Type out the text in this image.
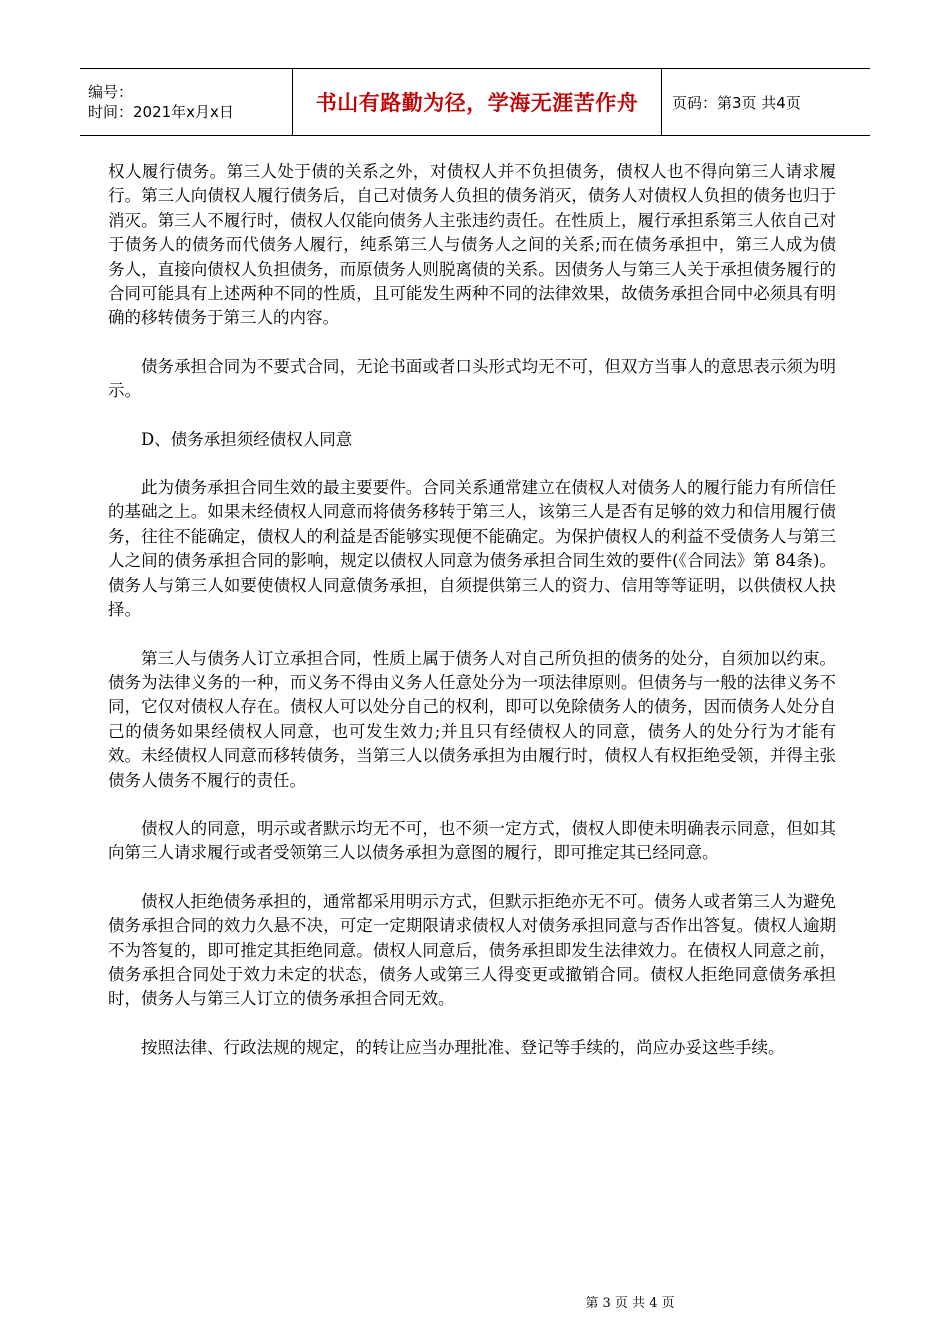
编号：
时间：2021年x月x日	书山有路勤为径，学海无涯苦作舟	页码：第3页 共4页

权人履行债务。第三人处于债的关系之外，对债权人并不负担债务，债权人也不得向第三人请求履行。第三人向债权人履行债务后，自己对债务人负担的债务消灭，债务人对债权人负担的债务也归于消灭。第三人不履行时，债权人仅能向债务人主张违约责任。在性质上，履行承担系第三人依自己对于债务人的债务而代债务人履行，纯系第三人与债务人之间的关系;而在债务承担中，第三人成为债务人，直接向债权人负担债务，而原债务人则脱离债的关系。因债务人与第三人关于承担债务履行的合同可能具有上述两种不同的性质，且可能发生两种不同的法律效果，故债务承担合同中必须具有明确的移转债务于第三人的内容。

债务承担合同为不要式合同，无论书面或者口头形式均无不可，但双方当事人的意思表示须为明示。

D、债务承担须经债权人同意

此为债务承担合同生效的最主要要件。合同关系通常建立在债权人对债务人的履行能力有所信任的基础之上。如果未经债权人同意而将债务移转于第三人，该第三人是否有足够的效力和信用履行债务，往往不能确定，债权人的利益是否能够实现便不能确定。为保护债权人的利益不受债务人与第三人之间的债务承担合同的影响，规定以债权人同意为债务承担合同生效的要件(《合同法》第 84条)。债务人与第三人如要使债权人同意债务承担，自须提供第三人的资力、信用等等证明，以供债权人抉择。

第三人与债务人订立承担合同，性质上属于债务人对自己所负担的债务的处分，自须加以约束。债务为法律义务的一种，而义务不得由义务人任意处分为一项法律原则。但债务与一般的法律义务不同，它仅对债权人存在。债权人可以处分自己的权利，即可以免除债务人的债务，因而债务人处分自己的债务如果经债权人同意，也可发生效力;并且只有经债权人的同意，债务人的处分行为才能有效。未经债权人同意而移转债务，当第三人以债务承担为由履行时，债权人有权拒绝受领，并得主张债务人债务不履行的责任。

债权人的同意，明示或者默示均无不可，也不须一定方式，债权人即使未明确表示同意，但如其向第三人请求履行或者受领第三人以债务承担为意图的履行，即可推定其已经同意。

债权人拒绝债务承担的，通常都采用明示方式，但默示拒绝亦无不可。债务人或者第三人为避免债务承担合同的效力久悬不决，可定一定期限请求债权人对债务承担同意与否作出答复。债权人逾期不为答复的，即可推定其拒绝同意。债权人同意后，债务承担即发生法律效力。在债权人同意之前，债务承担合同处于效力未定的状态，债务人或第三人得变更或撤销合同。债权人拒绝同意债务承担时，债务人与第三人订立的债务承担合同无效。

按照法律、行政法规的规定，的转让应当办理批准、登记等手续的，尚应办妥这些手续。

第 3 页 共 4 页
